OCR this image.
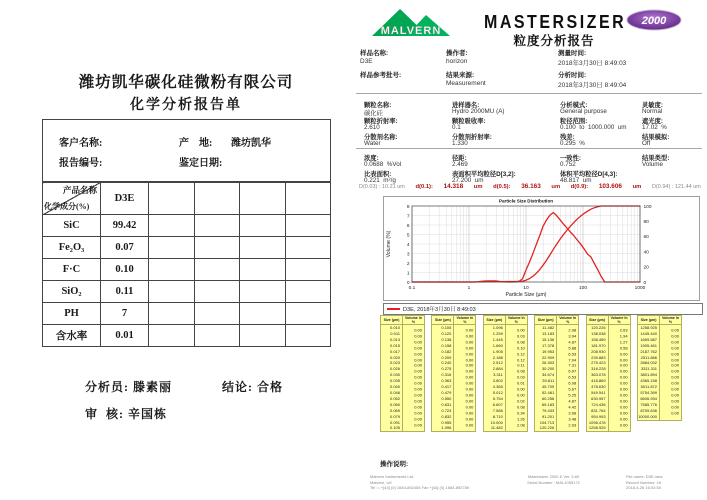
潍坊凯华碳化硅微粉有限公司
化学分析报告单
客户名称:	产    地: 潍坊凯华
报告编号:	鉴定日期:
产品名称
化学成分(%)	D3E				
SiC	99.42				
Fe₂O₃	0.07				
F·C	0.10				
SiO₂	0.11				
PH	7				
含水率	0.01				
分析员: 滕素丽	结论: 合格
审  核: 辛国栋
MALVERN	MASTERSIZER 2000
粒度分析报告
样品名称:
D3E
样品参考批号:
操作者:
horizon
结果来源:
Measurement
测量时间:
2018年3月30日 8:49:03
分析时间:
2018年3月30日 8:49:04
颗粒名称:
碳化硅
进样器名:
Hydro 2000MU (A)
分析模式:
General purpose
灵敏度:
Normal
颗粒折射率:
2.610
颗粒吸收率:
0.1
粒径范围:
0.100  to  1000.000  um
遮光度:
17.02  %
分散剂名称:
Water
分散剂折射率:
1.330
残差:
0.295  %
结果模拟:
Off
浓度:
0.0688  %Vol
径距:
2.469
一致性:
0.752
结果类型:
Volume
比表面积:
0.221  m²/g
表面积平均粒径D[3,2]:
27.200  um
体积平均粒径D[4,3]:
48.817  um
D(0.03) : 10.21 um d(0.1): 14.318 um d(0.5): 36.163 um d(0.9): 103.606 um D(0.94) : 121.44 um
0
1
2
3
4
5
6
7
8
0
20
40
60
80
100
0.1	1	10	100	1000
Particle Size Distribution
Particle Size (µm)
Volume (%)
D3E, 2018年3月30日 8:49:03
Size (µm)	Volume In %
0.010	0.00

0.011	0.00

0.013	0.00

0.015	0.00

0.017	0.00

0.020	0.00

0.023	0.00

0.026	0.00

0.030	0.00

0.035	0.00

0.040	0.00

0.046	0.00

0.052	0.00

0.060	0.00

0.069	0.00

0.079	0.00

0.091	0.00

0.105	
Size (µm)	Volume In %
0.105	0.00

0.120	0.00

0.138	0.00

0.158	0.00

0.182	0.00

0.209	0.00

0.240	0.00

0.275	0.00

0.316	0.00

0.363	0.00

0.417	0.00

0.479	0.00

0.550	0.00

0.631	0.00

0.724	0.00

0.832	0.00

0.955	0.00

1.096	
Size (µm)	Volume In %
1.096	0.00

1.259	0.03

1.445	0.08

1.660	0.10

1.905	0.12

2.188	0.12

2.512	0.11

2.884	0.08

3.311	0.03

3.802	0.01

4.365	0.00

5.012	0.00

5.754	0.02

6.607	0.08

7.586	0.34

8.710	1.26

10.000	2.08

11.482	
Size (µm)	Volume In %
11.482	2.98

13.183	3.94

15.136	4.87

17.378	5.88

19.953	6.53

22.909	7.04

26.303	7.31

30.200	6.97

34.674	6.53

39.811	6.08

45.709	5.67

52.481	5.25

60.256	4.87

69.183	4.42

79.433	3.98

91.201	3.48

104.713	2.93

120.226	
Size (µm)	Volume In %
120.226	2.63

138.038	1.94

158.489	1.27

181.970	0.58

208.930	0.00

239.883	0.00

275.423	0.00

316.228	0.00

363.078	0.00

416.869	0.00

478.630	0.00

549.541	0.00

630.957	0.00

724.436	0.00

831.764	0.00

954.993	0.00

1096.478	0.00

1258.925	
Size (µm)	Volume In %
1258.925	0.00

1445.440	0.00

1659.587	0.00

1905.461	0.00

2187.762	0.00

2511.886	0.00

2884.032	0.00

3311.311	0.00

3801.894	0.00

4365.158	0.00

5011.872	0.00

5754.399	0.00

6606.934	0.00

7585.776	0.00

8709.636	0.00

10000.000	
操作说明:
Malvern Instruments Ltd.
Malvern, UK
Tel := +[44] (0) 1684-892456 Fax +[44] (0) 1684-892789
Mastersizer 2000 E Ver. 5.60
Serial Number : MAL1095172
File name: D3E.mea
Record Number: 18
2018-4-26 16:03:50
